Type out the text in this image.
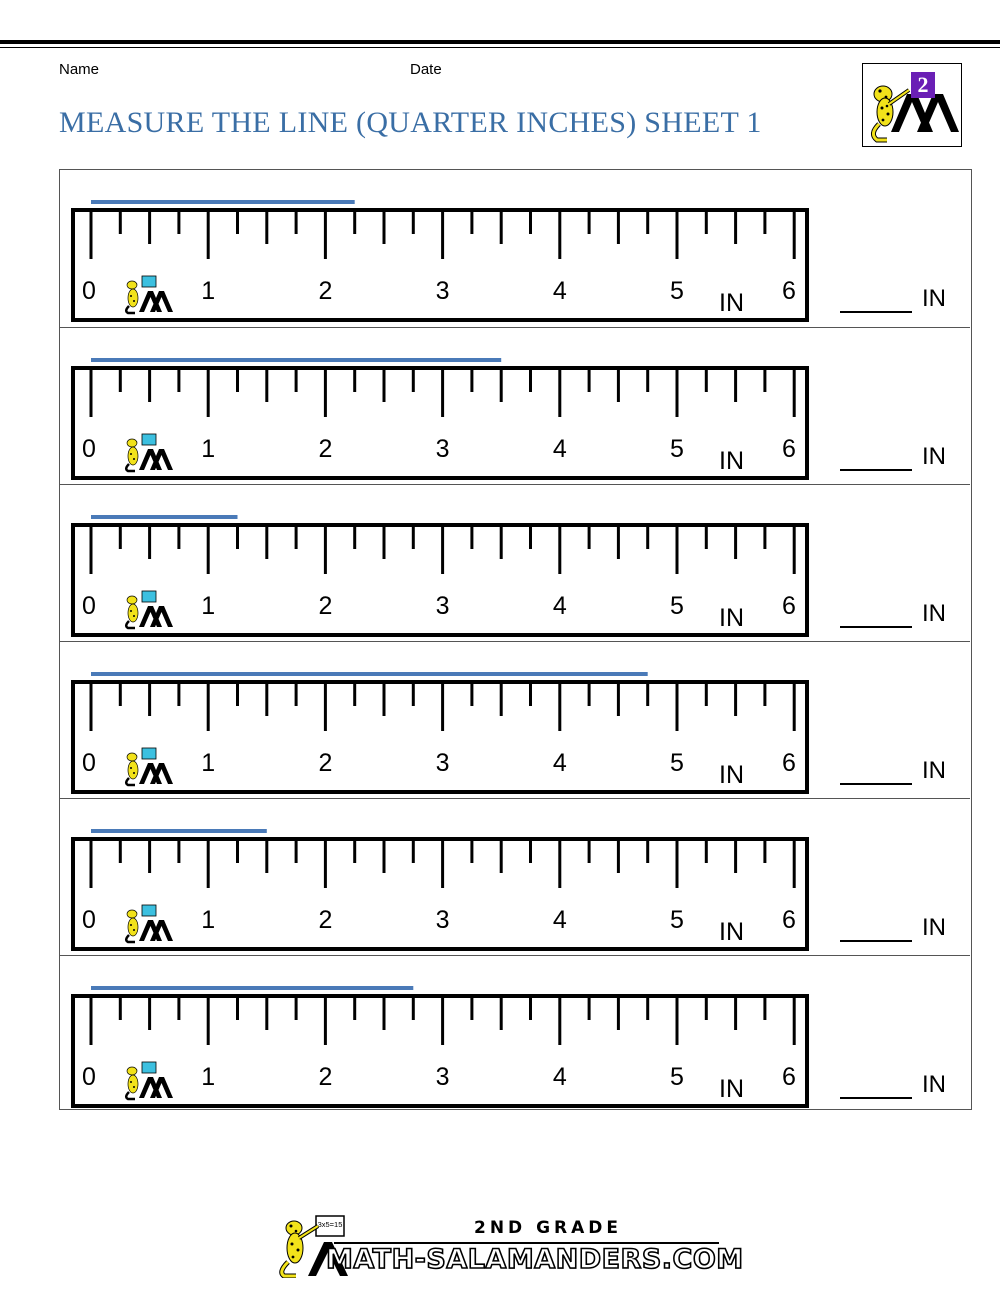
Name	Date
MEASURE THE LINE (QUARTER INCHES) SHEET 1
2
0	1	2	3	4	5	6
IN	IN
0	1	2	3	4	5	6
IN	IN
0	1	2	3	4	5	6
IN	IN
0	1	2	3	4	5	6
IN	IN
0	1	2	3	4	5	6
IN	IN
0	1	2	3	4	5	6
IN	IN
3x5=15	2ND GRADE
MATH-SALAMANDERS.COM
